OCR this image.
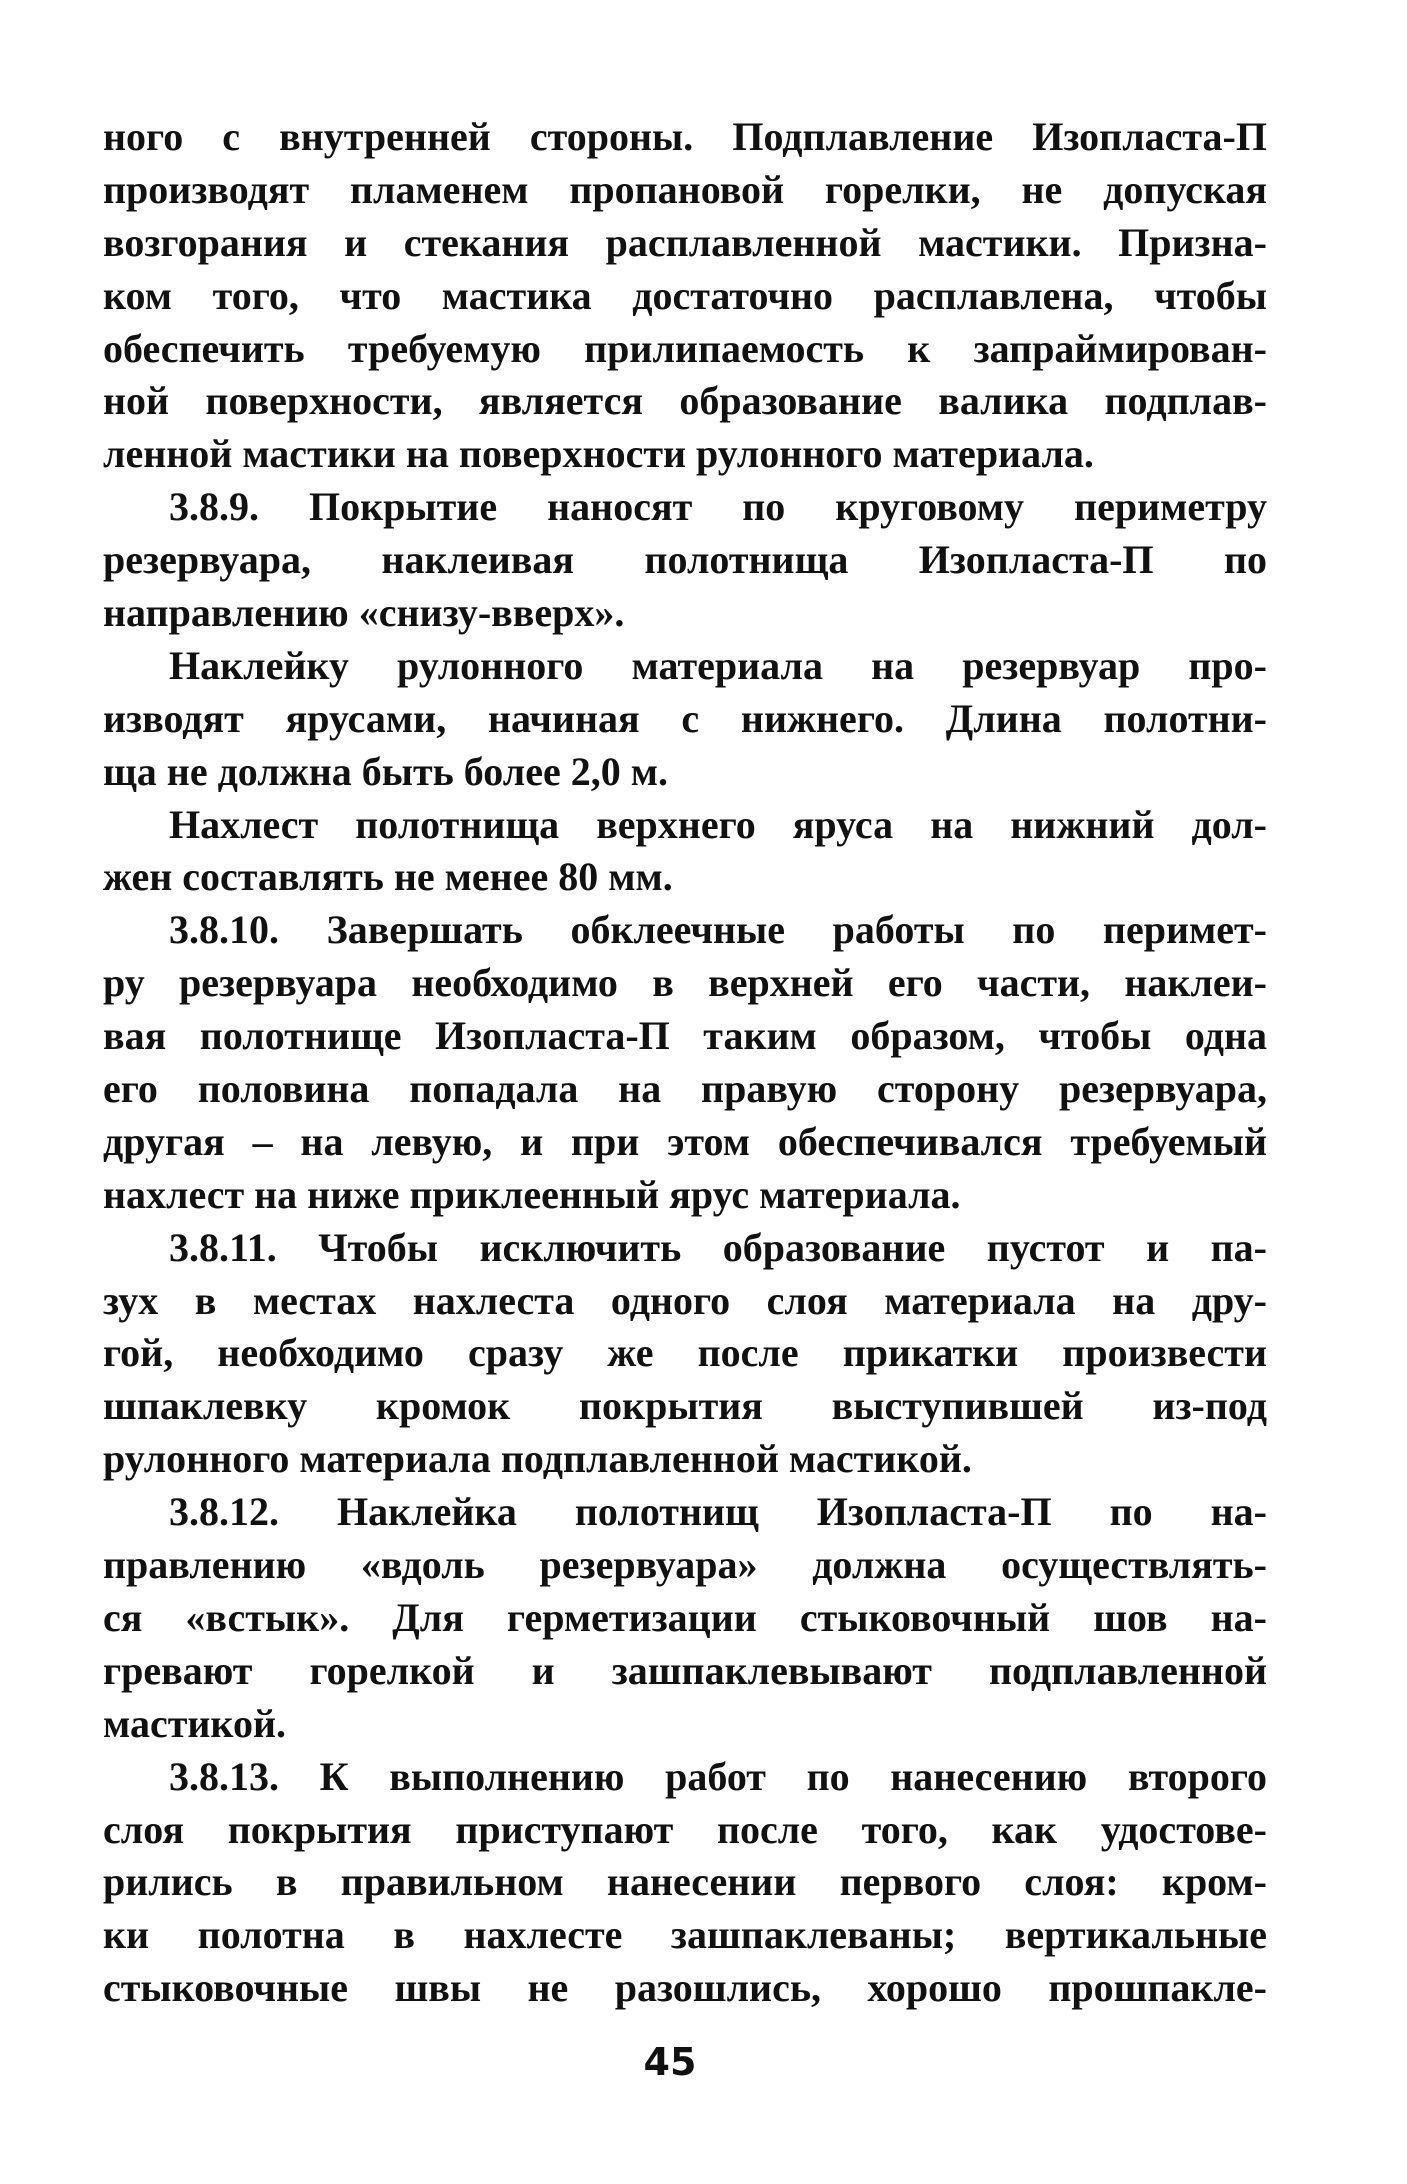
ного с внутренней стороны. Подплавление Изопласта-П
производят пламенем пропановой горелки, не допуская
возгорания и стекания расплавленной мастики. Призна-
ком того, что мастика достаточно расплавлена, чтобы
обеспечить требуемую прилипаемость к запраймирован-
ной поверхности, является образование валика подплав-
ленной мастики на поверхности рулонного материала.
3.8.9. Покрытие наносят по круговому периметру
резервуара, наклеивая полотнища Изопласта-П по
направлению «снизу-вверх».
Наклейку рулонного материала на резервуар про-
изводят ярусами, начиная с нижнего. Длина полотни-
ща не должна быть более 2,0 м.
Нахлест полотнища верхнего яруса на нижний дол-
жен составлять не менее 80 мм.
3.8.10. Завершать обклеечные работы по перимет-
ру резервуара необходимо в верхней его части, наклеи-
вая полотнище Изопласта-П таким образом, чтобы одна
его половина попадала на правую сторону резервуара,
другая – на левую, и при этом обеспечивался требуемый
нахлест на ниже приклеенный ярус материала.
3.8.11. Чтобы исключить образование пустот и па-
зух в местах нахлеста одного слоя материала на дру-
гой, необходимо сразу же после прикатки произвести
шпаклевку кромок покрытия выступившей из-под
рулонного материала подплавленной мастикой.
3.8.12. Наклейка полотнищ Изопласта-П по на-
правлению «вдоль резервуара» должна осуществлять-
ся «встык». Для герметизации стыковочный шов на-
гревают горелкой и зашпаклевывают подплавленной
мастикой.
3.8.13. К выполнению работ по нанесению второго
слоя покрытия приступают после того, как удостове-
рились в правильном нанесении первого слоя: кром-
ки полотна в нахлесте зашпаклеваны; вертикальные
стыковочные швы не разошлись, хорошо прошпакле-
45
